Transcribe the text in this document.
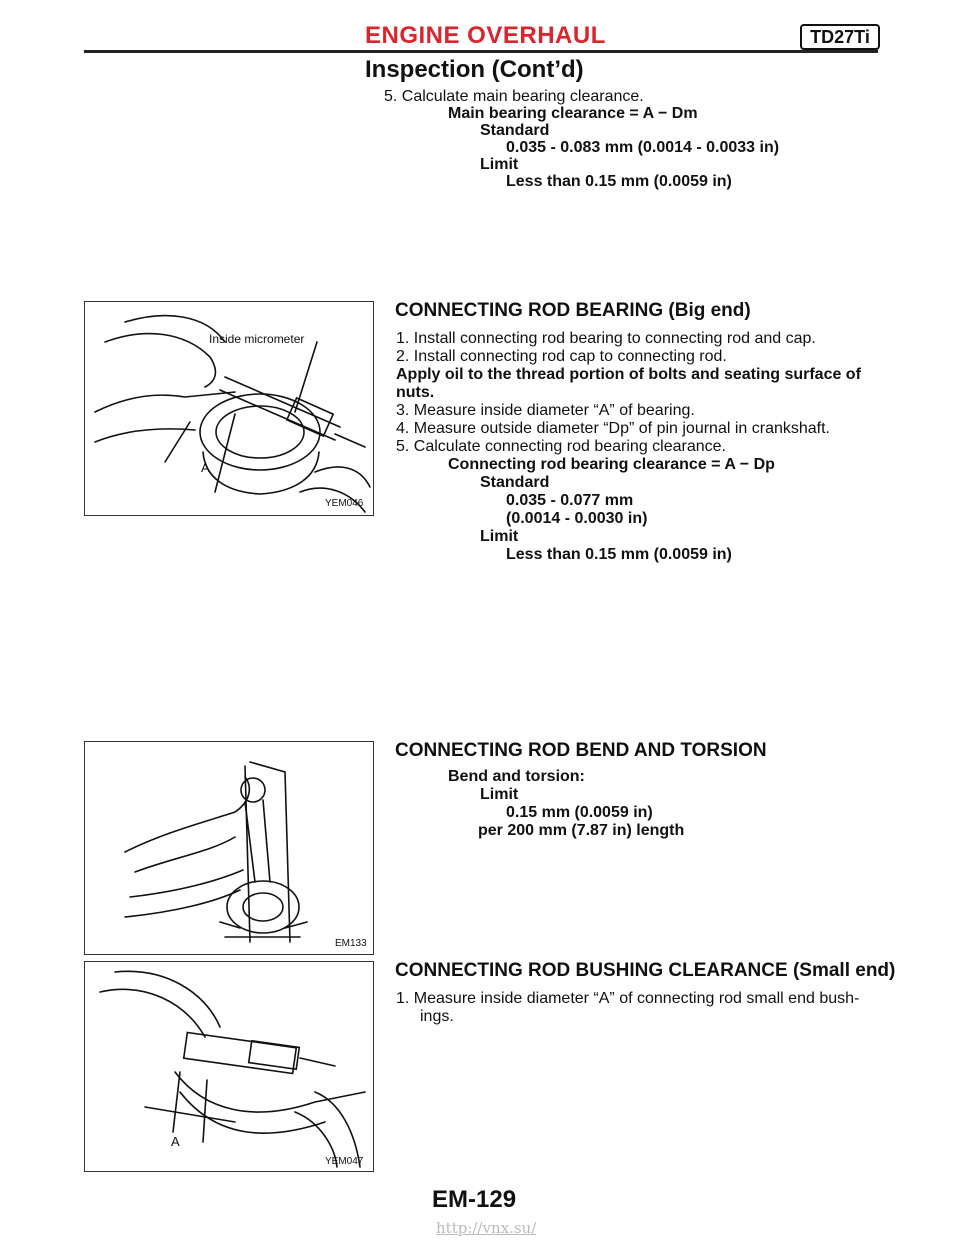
ENGINE OVERHAUL	TD27Ti
Inspection (Cont’d)
5. Calculate main bearing clearance.
Main bearing clearance = A − Dm
Standard
0.035 - 0.083 mm (0.0014 - 0.0033 in)
Limit
Less than 0.15 mm (0.0059 in)
Inside micrometer
A
YEM046
CONNECTING ROD BEARING (Big end)
1. Install connecting rod bearing to connecting rod and cap.
2. Install connecting rod cap to connecting rod.
Apply oil to the thread portion of bolts and seating surface of
nuts.
3. Measure inside diameter “A” of bearing.
4. Measure outside diameter “Dp” of pin journal in crankshaft.
5. Calculate connecting rod bearing clearance.
Connecting rod bearing clearance = A − Dp
Standard
0.035 - 0.077 mm
(0.0014 - 0.0030 in)
Limit
Less than 0.15 mm (0.0059 in)
EM133
CONNECTING ROD BEND AND TORSION
Bend and torsion:
Limit
0.15 mm (0.0059 in)
per 200 mm (7.87 in) length
A
YEM047
CONNECTING ROD BUSHING CLEARANCE (Small end)
1. Measure inside diameter “A” of connecting rod small end bush-
ings.
EM-129
http://vnx.su/
